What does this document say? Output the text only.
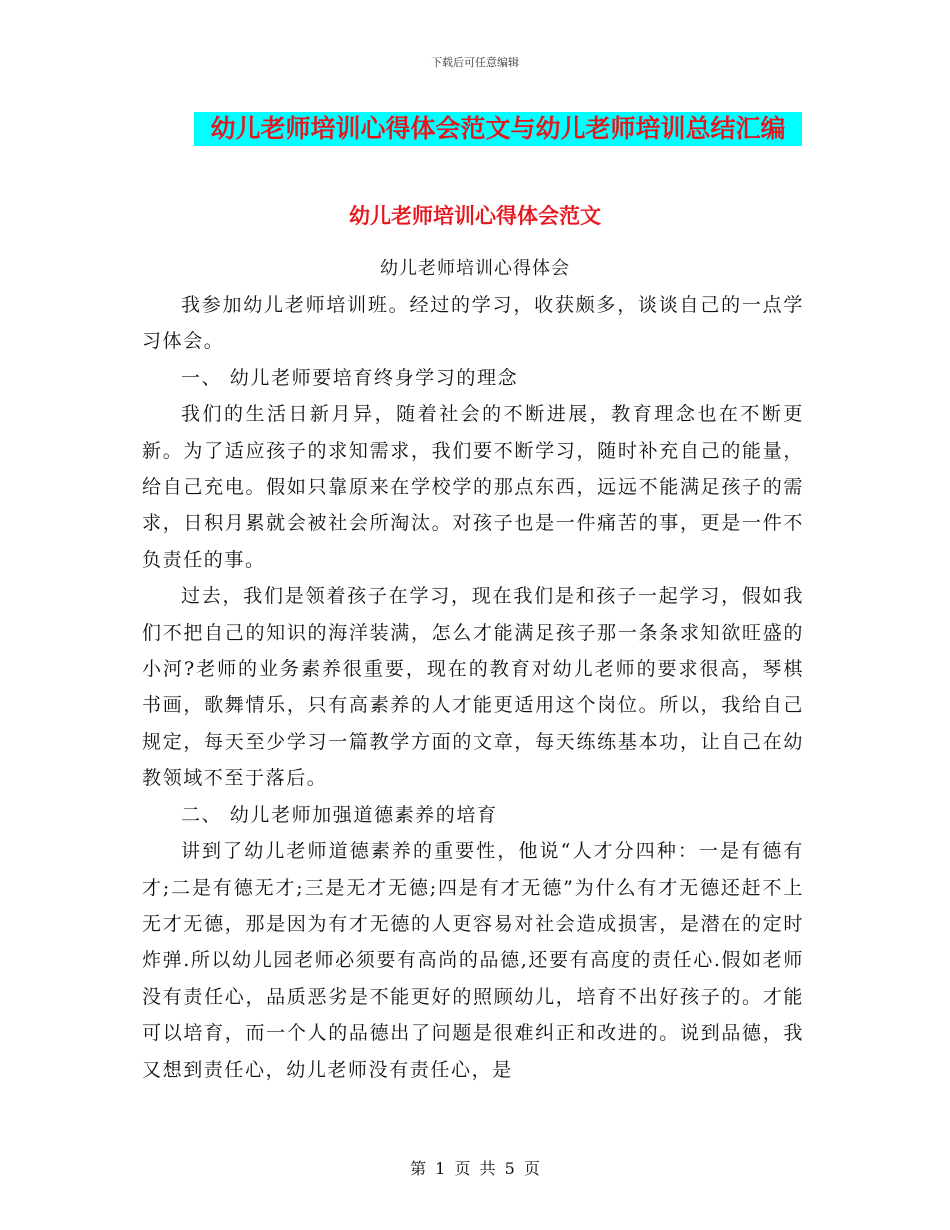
下载后可任意编辑
幼儿老师培训心得体会范文与幼儿老师培训总结汇编
幼儿老师培训心得体会范文
幼儿老师培训心得体会

我参加幼儿老师培训班。经过的学习，收获颇多，谈谈自己的一点学习体会。

一、 幼儿老师要培育终身学习的理念

我们的生活日新月异，随着社会的不断进展，教育理念也在不断更新。为了适应孩子的求知需求，我们要不断学习，随时补充自己的能量，给自己充电。假如只靠原来在学校学的那点东西，远远不能满足孩子的需求，日积月累就会被社会所淘汰。对孩子也是一件痛苦的事，更是一件不负责任的事。

过去，我们是领着孩子在学习，现在我们是和孩子一起学习，假如我们不把自己的知识的海洋装满，怎么才能满足孩子那一条条求知欲旺盛的小河?老师的业务素养很重要，现在的教育对幼儿老师的要求很高，琴棋书画，歌舞情乐，只有高素养的人才能更适用这个岗位。所以，我给自己规定，每天至少学习一篇教学方面的文章，每天练练基本功，让自己在幼教领域不至于落后。

二、 幼儿老师加强道德素养的培育

讲到了幼儿老师道德素养的重要性，他说“人才分四种：一是有德有才;二是有德无才;三是无才无德;四是有才无德”为什么有才无德还赶不上无才无德，那是因为有才无德的人更容易对社会造成损害，是潜在的定时炸弹.所以幼儿园老师必须要有高尚的品德,还要有高度的责任心.假如老师没有责任心，品质恶劣是不能更好的照顾幼儿，培育不出好孩子的。才能可以培育，而一个人的品德出了问题是很难纠正和改进的。说到品德，我又想到责任心，幼儿老师没有责任心，是

第 1 页 共 5 页
